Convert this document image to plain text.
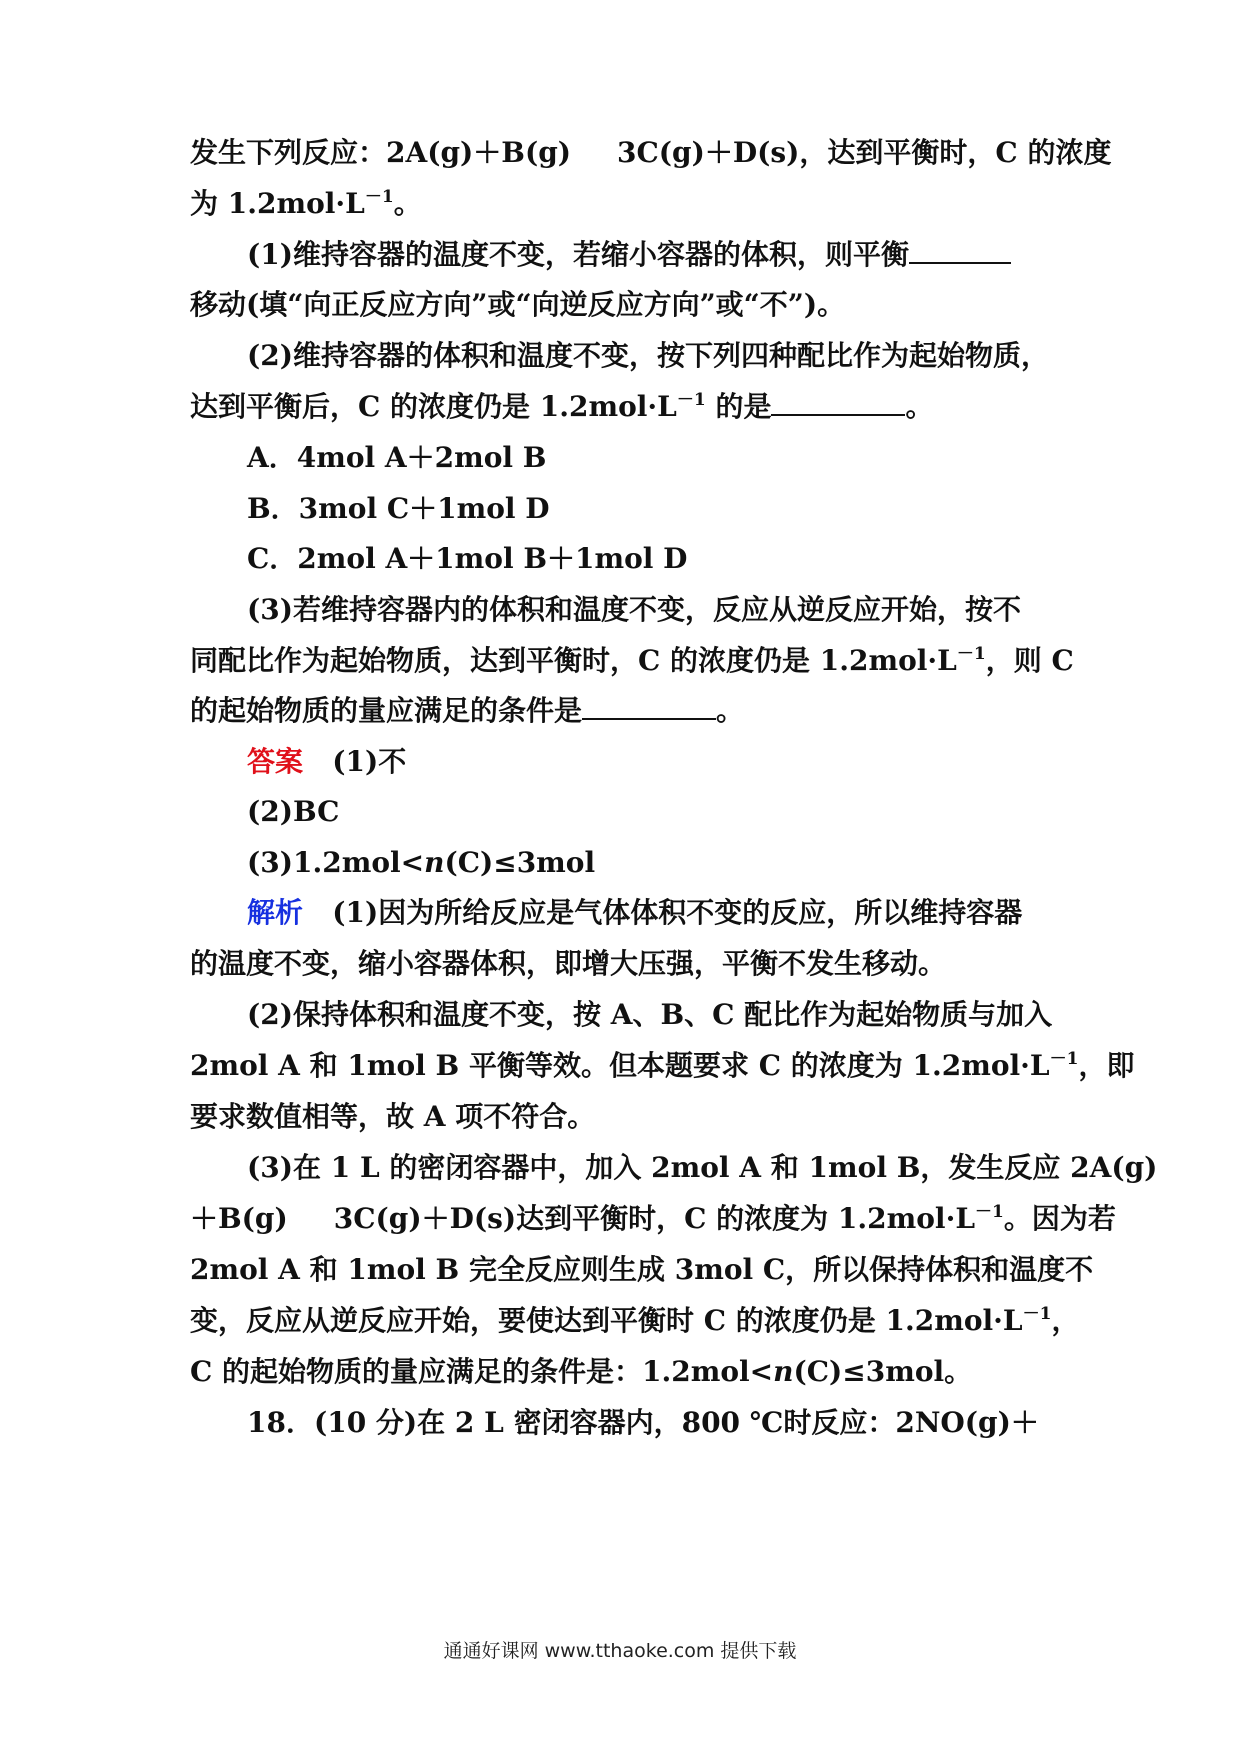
发生下列反应：2A(g)＋B(g) 3C(g)＋D(s)，达到平衡时，C 的浓度
为 $1.2mol\cdot L^{-1}$。
(1)维持容器的温度不变，若缩小容器的体积，则平衡
移动(填“向正反应方向”或“向逆反应方向”或“不”)。
(2)维持容器的体积和温度不变，按下列四种配比作为起始物质，
达到平衡后，C 的浓度仍是 $1.2mol\cdot L^{-1}$ 的是	。
A．4mol A＋2mol B
B．3mol C＋1mol D
C．2mol A＋1mol B＋1mol D
(3)若维持容器内的体积和温度不变，反应从逆反应开始，按不
同配比作为起始物质，达到平衡时，C 的浓度仍是 $1.2mol\cdot L^{-1}$，则 C
的起始物质的量应满足的条件是	。
答案 (1)不
(2)BC
(3)1.2mol<n(C)≤3mol
解析 (1)因为所给反应是气体体积不变的反应，所以维持容器
的温度不变，缩小容器体积，即增大压强，平衡不发生移动。
(2)保持体积和温度不变，按 A、B、C 配比作为起始物质与加入
2mol A 和 1mol B 平衡等效。但本题要求 C 的浓度为 $1.2mol\cdot L^{-1}$，即
要求数值相等，故 A 项不符合。
(3)在 1 L 的密闭容器中，加入 2mol A 和 1mol B，发生反应 2A(g)
＋B(g) 3C(g)＋D(s)达到平衡时，C 的浓度为 $1.2mol\cdot L^{-1}$。因为若
2mol A 和 1mol B 完全反应则生成 3mol C，所以保持体积和温度不
变，反应从逆反应开始，要使达到平衡时 C 的浓度仍是 $1.2mol\cdot L^{-1}$，
C 的起始物质的量应满足的条件是：1.2mol<n(C)≤3mol。
18．(10 分)在 2 L 密闭容器内，800 ℃时反应：2NO(g)＋
通通好课网 www.tthaoke.com 提供下载
